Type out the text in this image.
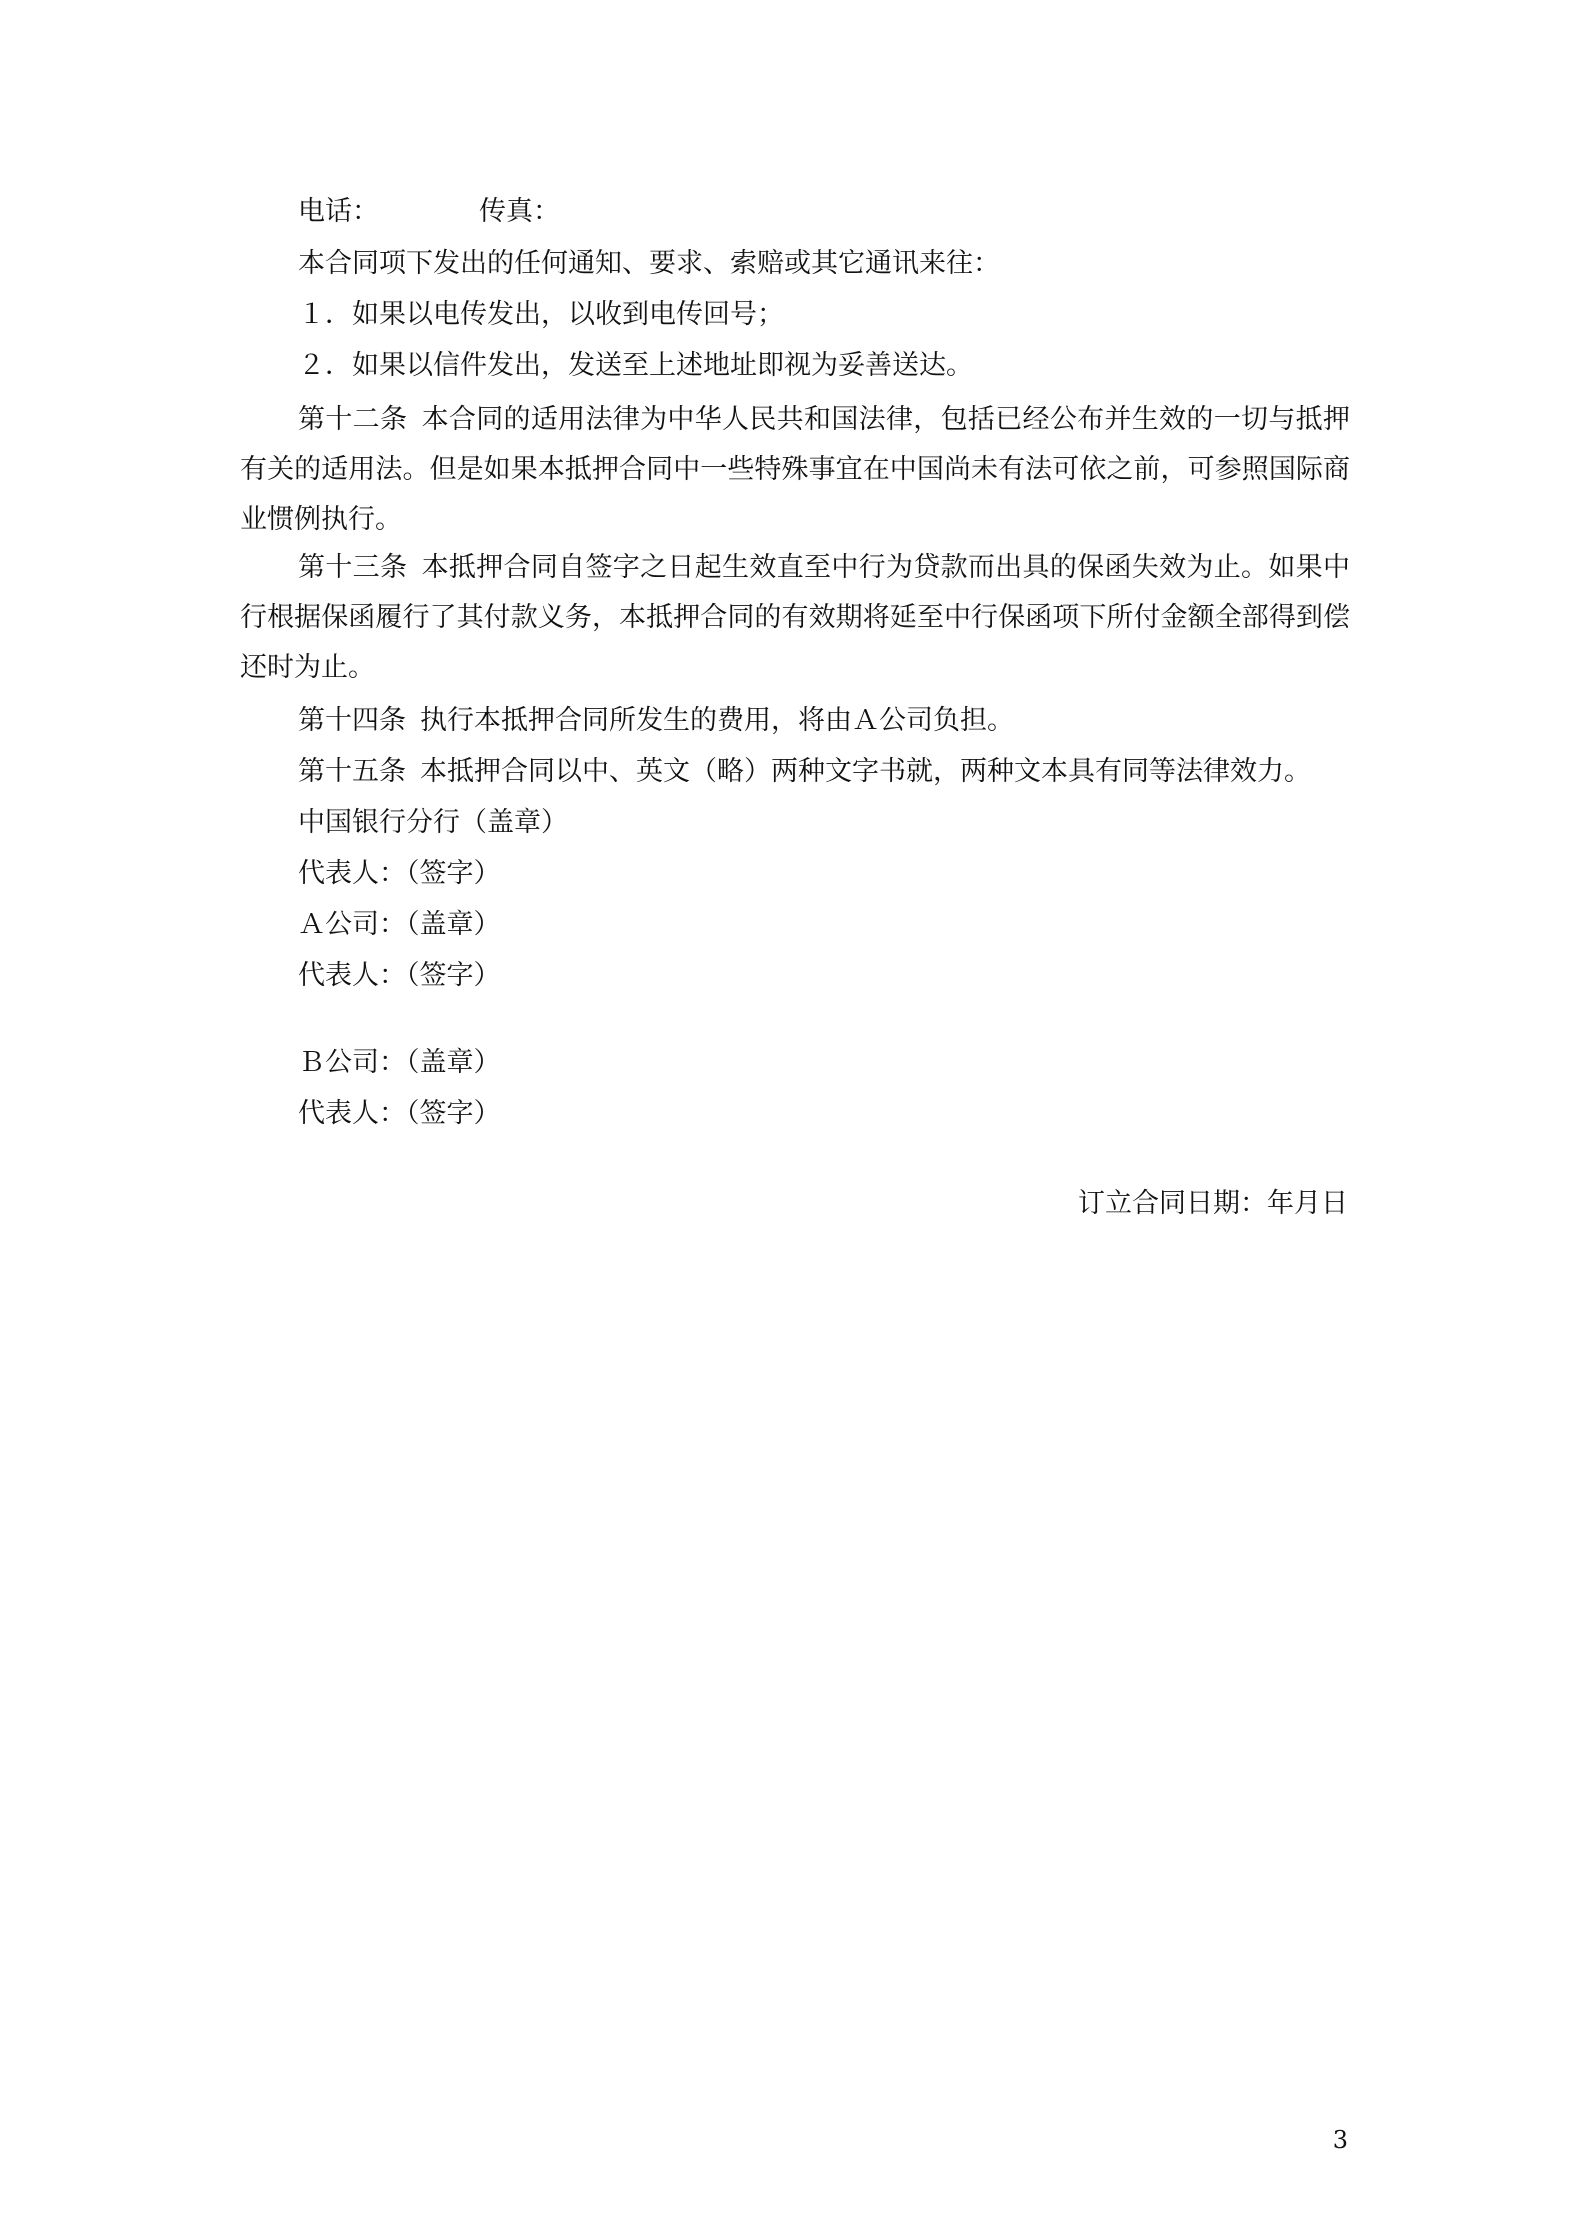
电话：	传真：
本合同项下发出的任何通知、要求、索赔或其它通讯来往：
１．如果以电传发出，以收到电传回号；
２．如果以信件发出，发送至上述地址即视为妥善送达。
第十二条 本合同的适用法律为中华人民共和国法律，包括已经公布并生效的一切与抵押有关的适用法。但是如果本抵押合同中一些特殊事宜在中国尚未有法可依之前，可参照国际商业惯例执行。
第十三条 本抵押合同自签字之日起生效直至中行为贷款而出具的保函失效为止。如果中行根据保函履行了其付款义务，本抵押合同的有效期将延至中行保函项下所付金额全部得到偿还时为止。
第十四条 执行本抵押合同所发生的费用，将由Ａ公司负担。
第十五条 本抵押合同以中、英文（略）两种文字书就，两种文本具有同等法律效力。
中国银行分行（盖章）
代表人：（签字）
Ａ公司：（盖章）
代表人：（签字）
Ｂ公司：（盖章）
代表人：（签字）
订立合同日期：年月日
3
